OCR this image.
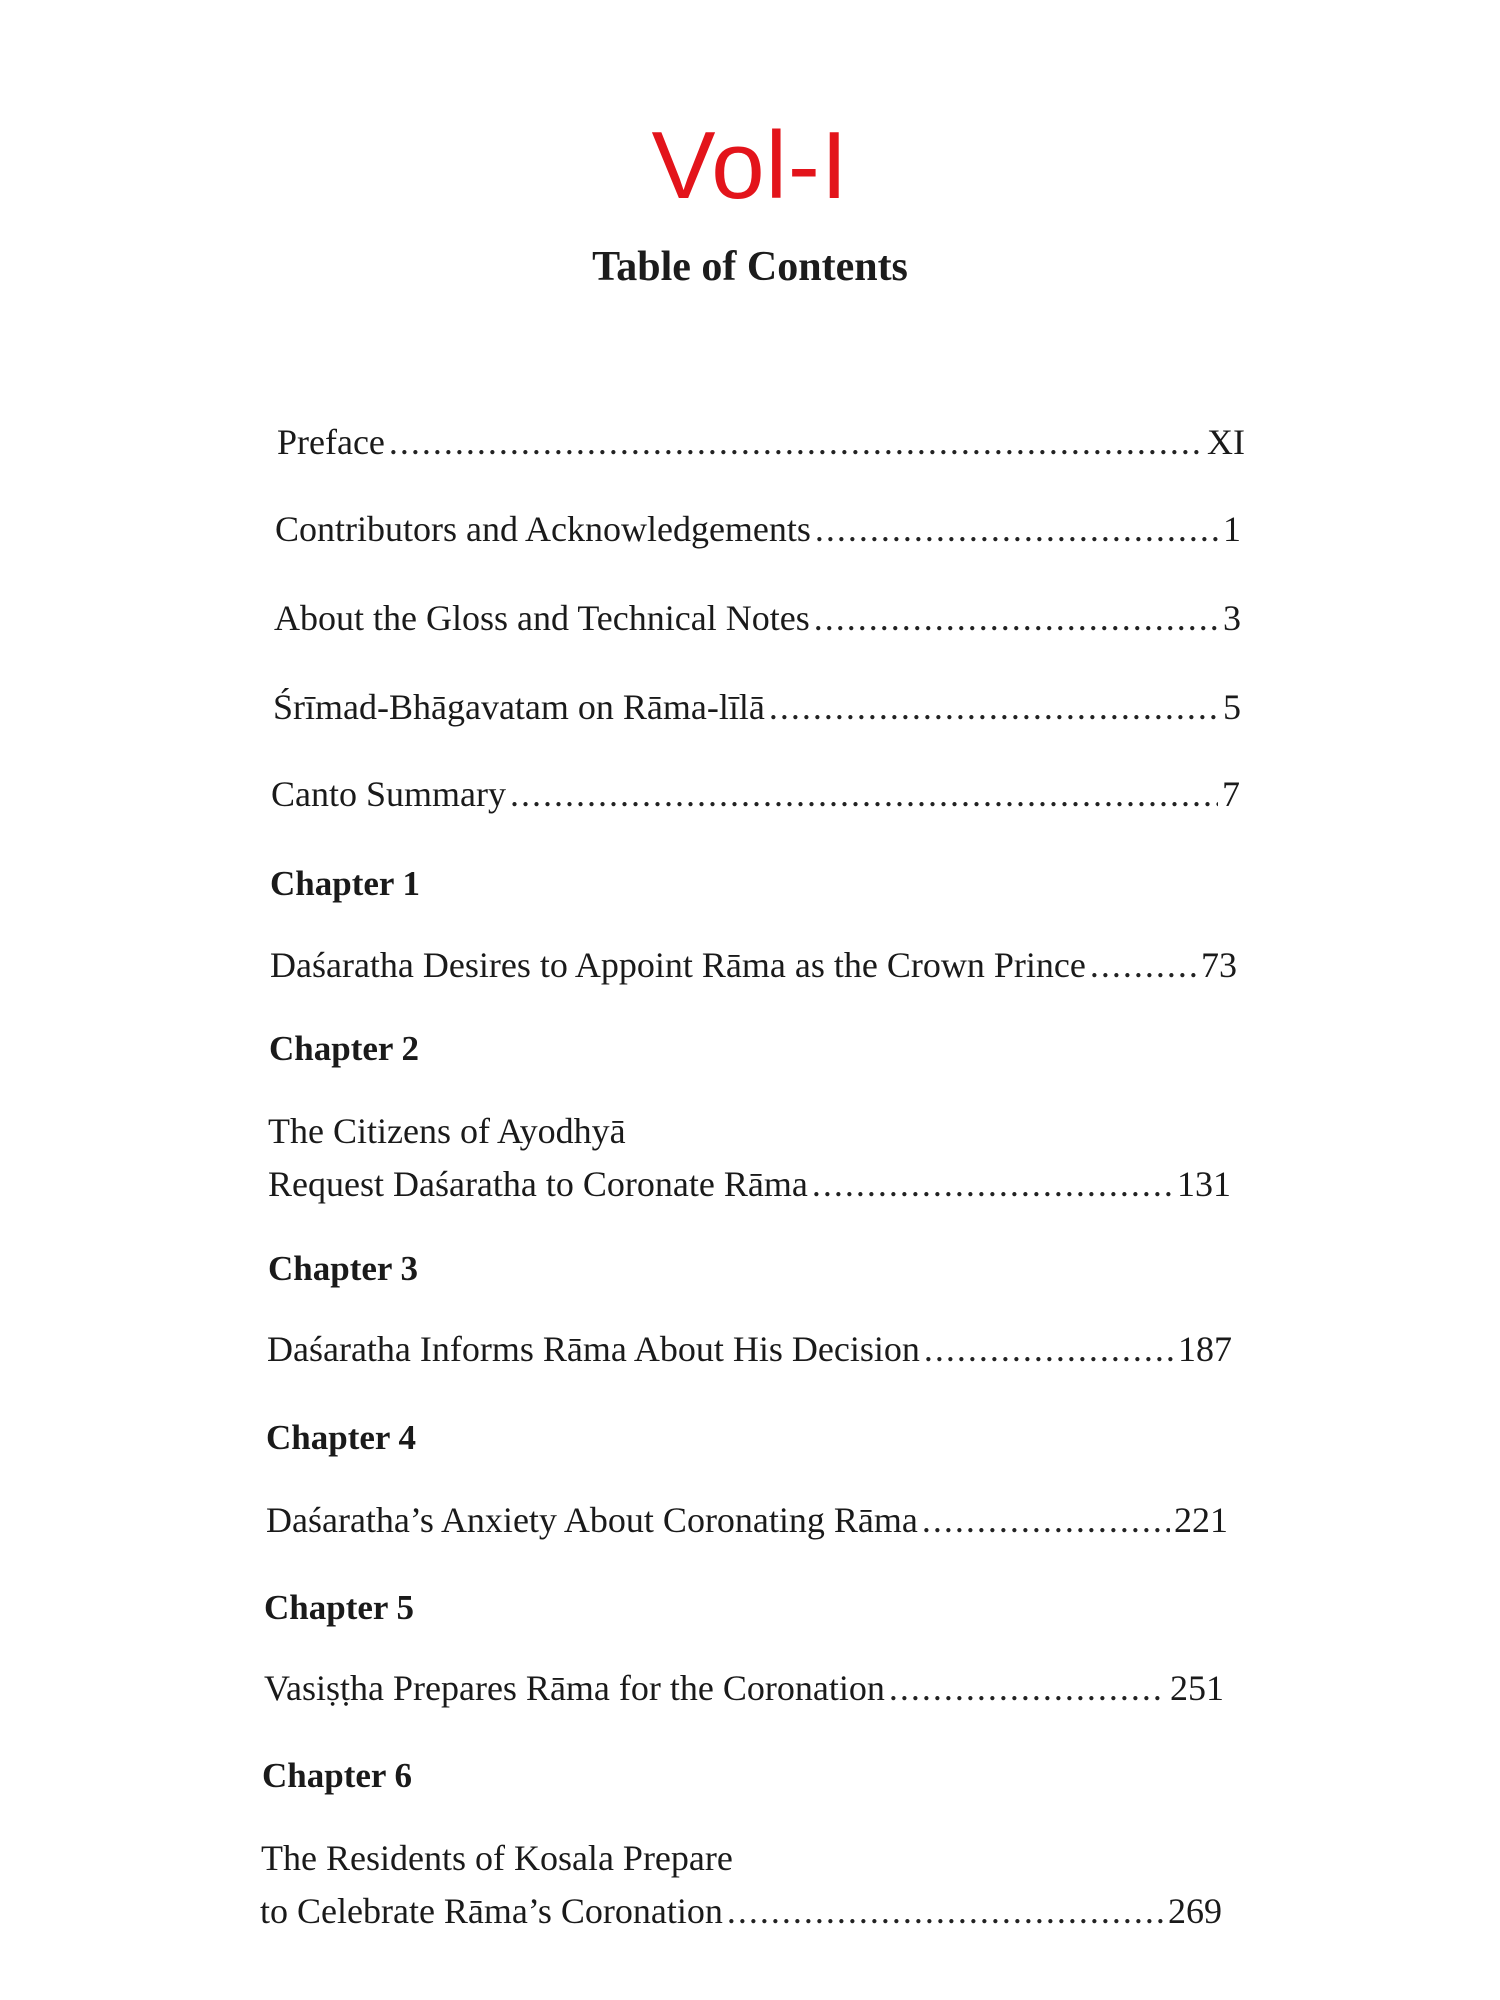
Vol-I
Table of Contents
Preface .....	XI
Contributors and Acknowledgements .....	1
About the Gloss and Technical Notes .....	3
Śrīmad-Bhāgavatam on Rāma-līlā .....	5
Canto Summary .....	7
Chapter 1
Daśaratha Desires to Appoint Rāma as the Crown Prince .....	73
Chapter 2
The Citizens of Ayodhyā
Request Daśaratha to Coronate Rāma .....	131
Chapter 3
Daśaratha Informs Rāma About His Decision .....	187
Chapter 4
Daśaratha’s Anxiety About Coronating Rāma .....	221
Chapter 5
Vasiṣṭha Prepares Rāma for the Coronation .....	251
Chapter 6
The Residents of Kosala Prepare
to Celebrate Rāma’s Coronation .....	269
